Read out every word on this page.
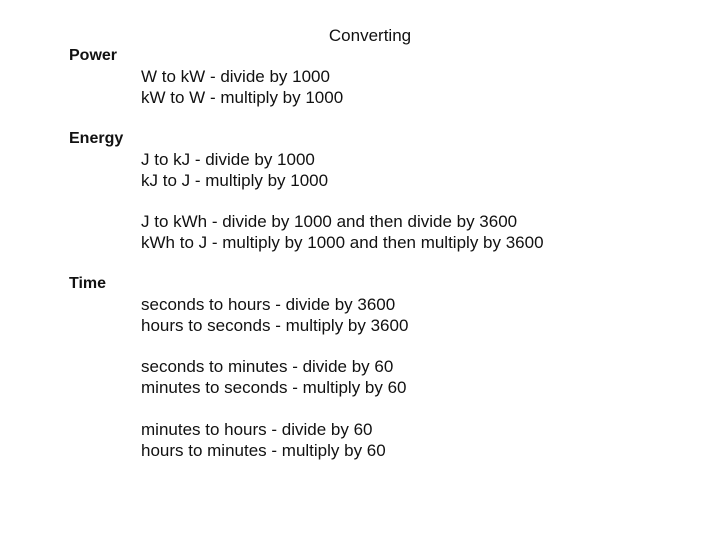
Converting
Power
W to kW - divide by 1000
kW to W - multiply by 1000
Energy
J to kJ - divide by 1000
kJ to J - multiply by 1000
J to kWh - divide by 1000 and then divide by 3600
kWh to J - multiply by 1000 and then multiply by 3600
Time
seconds to hours - divide by 3600
hours to seconds - multiply by 3600
seconds to minutes - divide by 60
minutes to seconds - multiply by 60
minutes to hours - divide by 60
hours to minutes - multiply by 60
